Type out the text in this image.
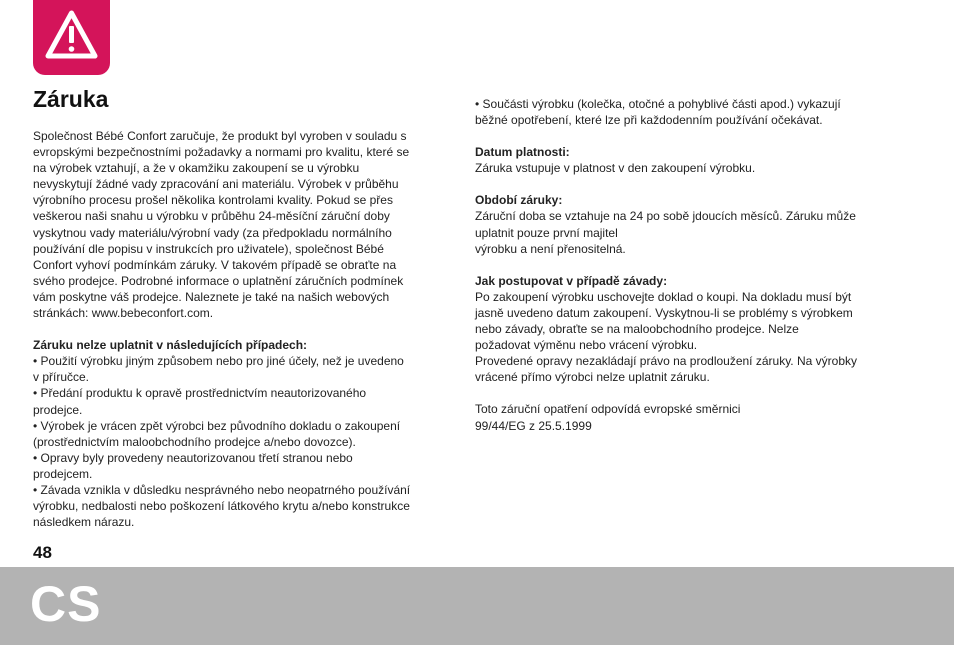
Záruka
Společnost Bébé Confort zaručuje, že produkt byl vyroben v souladu s
evropskými bezpečnostními požadavky a normami pro kvalitu, které se
na výrobek vztahují, a že v okamžiku zakoupení se u výrobku
nevyskytují žádné vady zpracování ani materiálu. Výrobek v průběhu
výrobního procesu prošel několika kontrolami kvality. Pokud se přes
veškerou naši snahu u výrobku v průběhu 24-měsíční záruční doby
vyskytnou vady materiálu/výrobní vady (za předpokladu normálního
používání dle popisu v instrukcích pro uživatele), společnost Bébé
Confort vyhoví podmínkám záruky. V takovém případě se obraťte na
svého prodejce. Podrobné informace o uplatnění záručních podmínek
vám poskytne váš prodejce. Naleznete je také na našich webových
stránkách: www.bebeconfort.com.

Záruku nelze uplatnit v následujících případech:

• Použití výrobku jiným způsobem nebo pro jiné účely, než je uvedeno
v příručce.
• Předání produktu k opravě prostřednictvím neautorizovaného
prodejce.
• Výrobek je vrácen zpět výrobci bez původního dokladu o zakoupení
(prostřednictvím maloobchodního prodejce a/nebo dovozce).
• Opravy byly provedeny neautorizovanou třetí stranou nebo
prodejcem.
• Závada vznikla v důsledku nesprávného nebo neopatrného používání
výrobku, nedbalosti nebo poškození látkového krytu a/nebo konstrukce
následkem nárazu.
• Součásti výrobku (kolečka, otočné a pohyblivé části apod.) vykazují
běžné opotřebení, které lze při každodenním používání očekávat.

Datum platnosti:

Záruka vstupuje v platnost v den zakoupení výrobku.

Období záruky:

Záruční doba se vztahuje na 24 po sobě jdoucích měsíců. Záruku může
uplatnit pouze první majitel
výrobku a není přenositelná.

Jak postupovat v případě závady:

Po zakoupení výrobku uschovejte doklad o koupi. Na dokladu musí být
jasně uvedeno datum zakoupení. Vyskytnou-li se problémy s výrobkem
nebo závady, obraťte se na maloobchodního prodejce. Nelze
požadovat výměnu nebo vrácení výrobku.
Provedené opravy nezakládají právo na prodloužení záruky. Na výrobky
vrácené přímo výrobci nelze uplatnit záruku.
Toto záruční opatření odpovídá evropské směrnici
99/44/EG z 25.5.1999
48
CS
